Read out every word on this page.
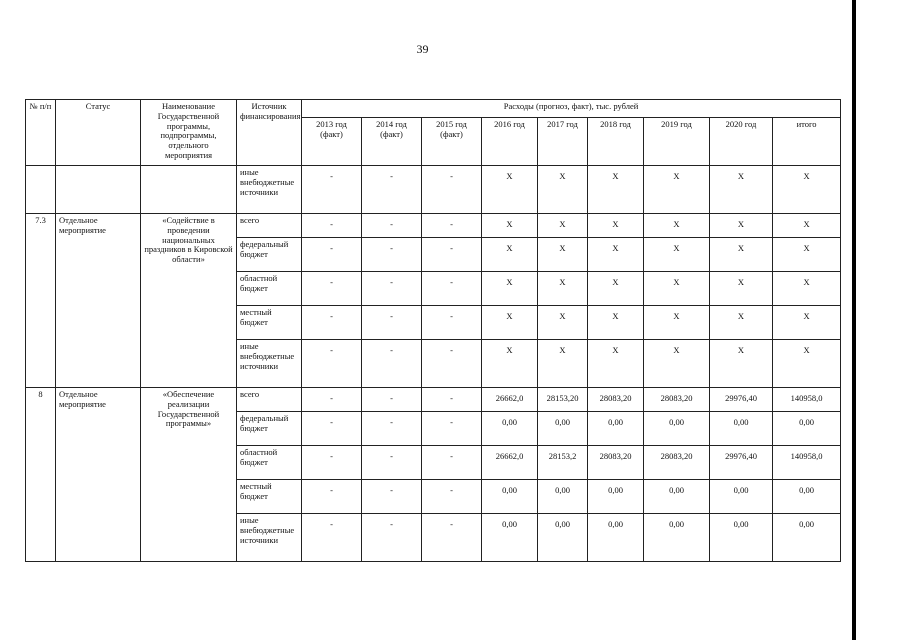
39
№ п/п	Статус	Наименование Государственной программы, подпрограммы, отдельного мероприятия	Источник финансирования	Расходы (прогноз, факт), тыс. рублей								
				2013 год (факт)	2014 год (факт)	2015 год (факт)	2016 год	2017 год	2018 год	2019 год	2020 год	итого
			иные внебюджетные источники	-	-	-	X	X	X	X	X	X
7.3	Отдельное мероприятие	«Содействие в проведении национальных праздников в Кировской области»	всего	-	-	-	X	X	X	X	X	X
			федеральный бюджет	-	-	-	X	X	X	X	X	X
			областной бюджет	-	-	-	X	X	X	X	X	X
			местный бюджет	-	-	-	X	X	X	X	X	X
			иные внебюджетные источники	-	-	-	X	X	X	X	X	X
8	Отдельное мероприятие	«Обеспечение реализации Государственной программы»	всего	-	-	-	26662,0	28153,20	28083,20	28083,20	29976,40	140958,0
			федеральный бюджет	-	-	-	0,00	0,00	0,00	0,00	0,00	0,00
			областной бюджет	-	-	-	26662,0	28153,2	28083,20	28083,20	29976,40	140958,0
			местный бюджет	-	-	-	0,00	0,00	0,00	0,00	0,00	0,00
			иные внебюджетные источники	-	-	-	0,00	0,00	0,00	0,00	0,00	0,00
